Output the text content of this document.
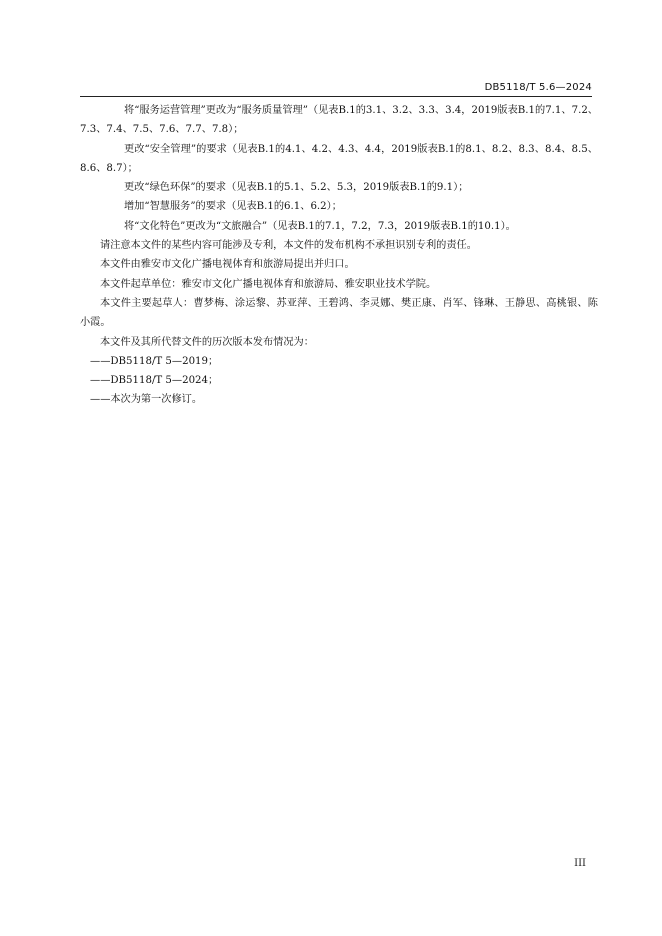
DB5118/T 5.6—2024

将“服务运营管理”更改为“服务质量管理”（见表B.1的3.1、3.2、3.3、3.4，2019版表B.1的7.1、7.2、7.3、7.4、7.5、7.6、7.7、7.8）；

更改“安全管理”的要求（见表B.1的4.1、4.2、4.3、4.4，2019版表B.1的8.1、8.2、8.3、8.4、8.5、8.6、8.7）；

更改“绿色环保”的要求（见表B.1的5.1、5.2、5.3，2019版表B.1的9.1）；

增加“智慧服务”的要求（见表B.1的6.1、6.2）；

将“文化特色”更改为“文旅融合”（见表B.1的7.1，7.2，7.3，2019版表B.1的10.1）。

请注意本文件的某些内容可能涉及专利，本文件的发布机构不承担识别专利的责任。

本文件由雅安市文化广播电视体育和旅游局提出并归口。

本文件起草单位：雅安市文化广播电视体育和旅游局、雅安职业技术学院。

本文件主要起草人：曹梦梅、涂运黎、苏亚萍、王碧鸿、李灵娜、樊正康、肖军、锋琳、王静思、高桃银、陈小霞。

本文件及其所代替文件的历次版本发布情况为：

——DB5118/T 5—2019；

——DB5118/T 5—2024；

——本次为第一次修订。

III
